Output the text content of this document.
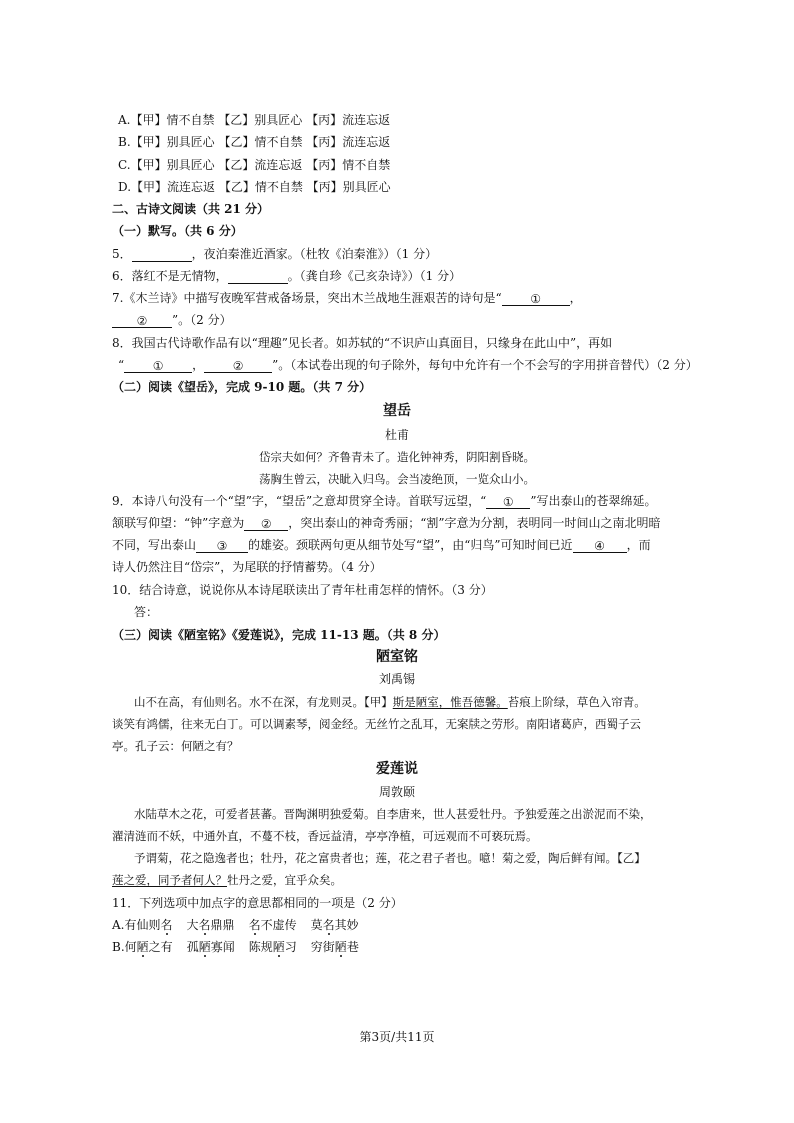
A.【甲】情不自禁 【乙】别具匠心 【丙】流连忘返
B.【甲】别具匠心 【乙】情不自禁 【丙】流连忘返
C.【甲】别具匠心 【乙】流连忘返 【丙】情不自禁
D.【甲】流连忘返 【乙】情不自禁 【丙】别具匠心
二、古诗文阅读（共 21 分）
（一）默写。（共 6 分）
5．	，夜泊秦淮近酒家。（杜牧《泊秦淮》）（1 分）
6．落红不是无情物，	。（龚自珍《己亥杂诗》）（1 分）
7.《木兰诗》中描写夜晚军营戒备场景，突出木兰战地生涯艰苦的诗句是“ ① ，
② ”。（2 分）
8．我国古代诗歌作品有以“理趣”见长者。如苏轼的“不识庐山真面目，只缘身在此山中”，再如
“ ① ， ② ”。（本试卷出现的句子除外，每句中允许有一个不会写的字用拼音替代）（2 分）
（二）阅读《望岳》，完成 9-10 题。（共 7 分）
望岳
杜甫
岱宗夫如何？齐鲁青未了。造化钟神秀，阴阳割昏晓。
荡胸生曾云，决眦入归鸟。会当凌绝顶，一览众山小。
9．本诗八句没有一个“望”字，“望岳”之意却贯穿全诗。首联写远望，“ ① ”写出泰山的苍翠绵延。
颔联写仰望：“钟”字意为 ② ，突出泰山的神奇秀丽；“割”字意为分割，表明同一时间山之南北明暗
不同，写出泰山 ③ 的雄姿。颈联两句更从细节处写“望”，由“归鸟”可知时间已近 ④ ，而
诗人仍然注目“岱宗”，为尾联的抒情蓄势。（4 分）
10．结合诗意，说说你从本诗尾联读出了青年杜甫怎样的情怀。（3 分）
答：
（三）阅读《陋室铭》《爱莲说》，完成 11-13 题。（共 8 分）
陋室铭
刘禹锡
山不在高，有仙则名。水不在深，有龙则灵。【甲】斯是陋室，惟吾德馨。苔痕上阶绿，草色入帘青。
谈笑有鸿儒，往来无白丁。可以调素琴，阅金经。无丝竹之乱耳，无案牍之劳形。南阳诸葛庐，西蜀子云
亭。孔子云：何陋之有？
爱莲说
周敦颐
水陆草木之花，可爱者甚蕃。晋陶渊明独爱菊。自李唐来，世人甚爱牡丹。予独爱莲之出淤泥而不染，
濯清涟而不妖，中通外直，不蔓不枝，香远益清，亭亭净植，可远观而不可亵玩焉。
予谓菊，花之隐逸者也；牡丹，花之富贵者也；莲，花之君子者也。噫！菊之爱，陶后鲜有闻。【乙】
莲之爱，同予者何人？牡丹之爱，宜乎众矣。
11．下列选项中加点字的意思都相同的一项是（2 分）
A.有仙则名 大名鼎鼎 名不虚传 莫名其妙
B.何陋之有 孤陋寡闻 陈规陋习 穷街陋巷
第3页/共11页
